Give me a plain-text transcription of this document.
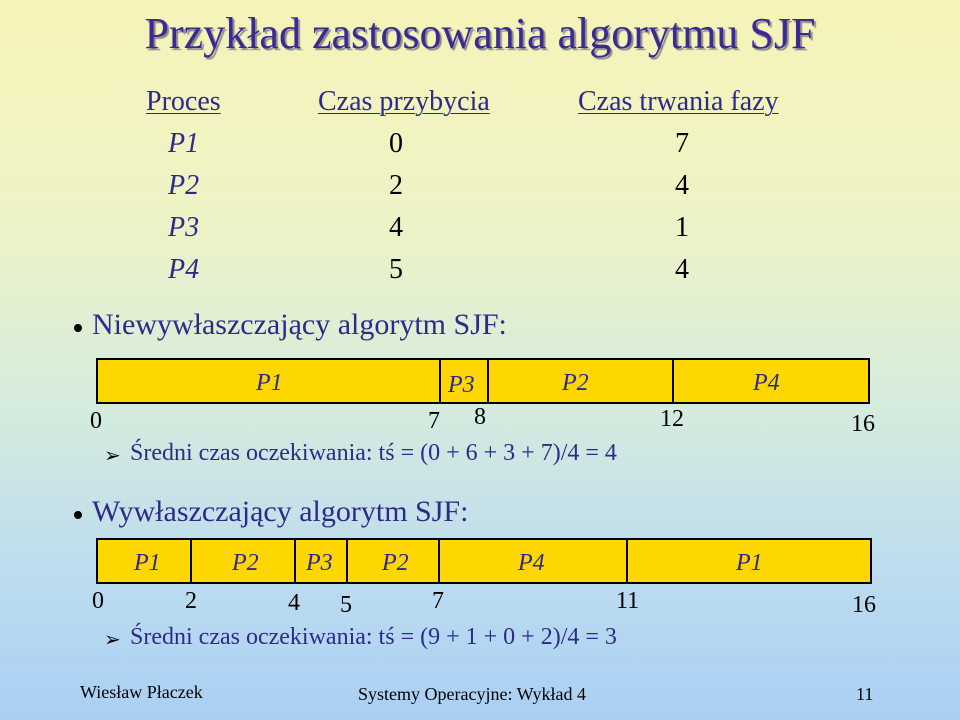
Przykład zastosowania algorytmu SJF
Proces	Czas przybycia	Czas trwania fazy
P1	0	7
P2	2	4
P3	4	1
P4	5	4
Niewywłaszczający algorytm SJF:
P1	P3	P2	P4
0	7 8	12	16
➢ Średni czas oczekiwania: tś = (0 + 6 + 3 + 7)/4 = 4
Wywłaszczający algorytm SJF:
P1	P2 P3 P2	P4	P1
0	2	4 5	7	11	16
➢ Średni czas oczekiwania: tś = (9 + 1 + 0 + 2)/4 = 3
Wiesław Płaczek	Systemy Operacyjne: Wykład 4	11
